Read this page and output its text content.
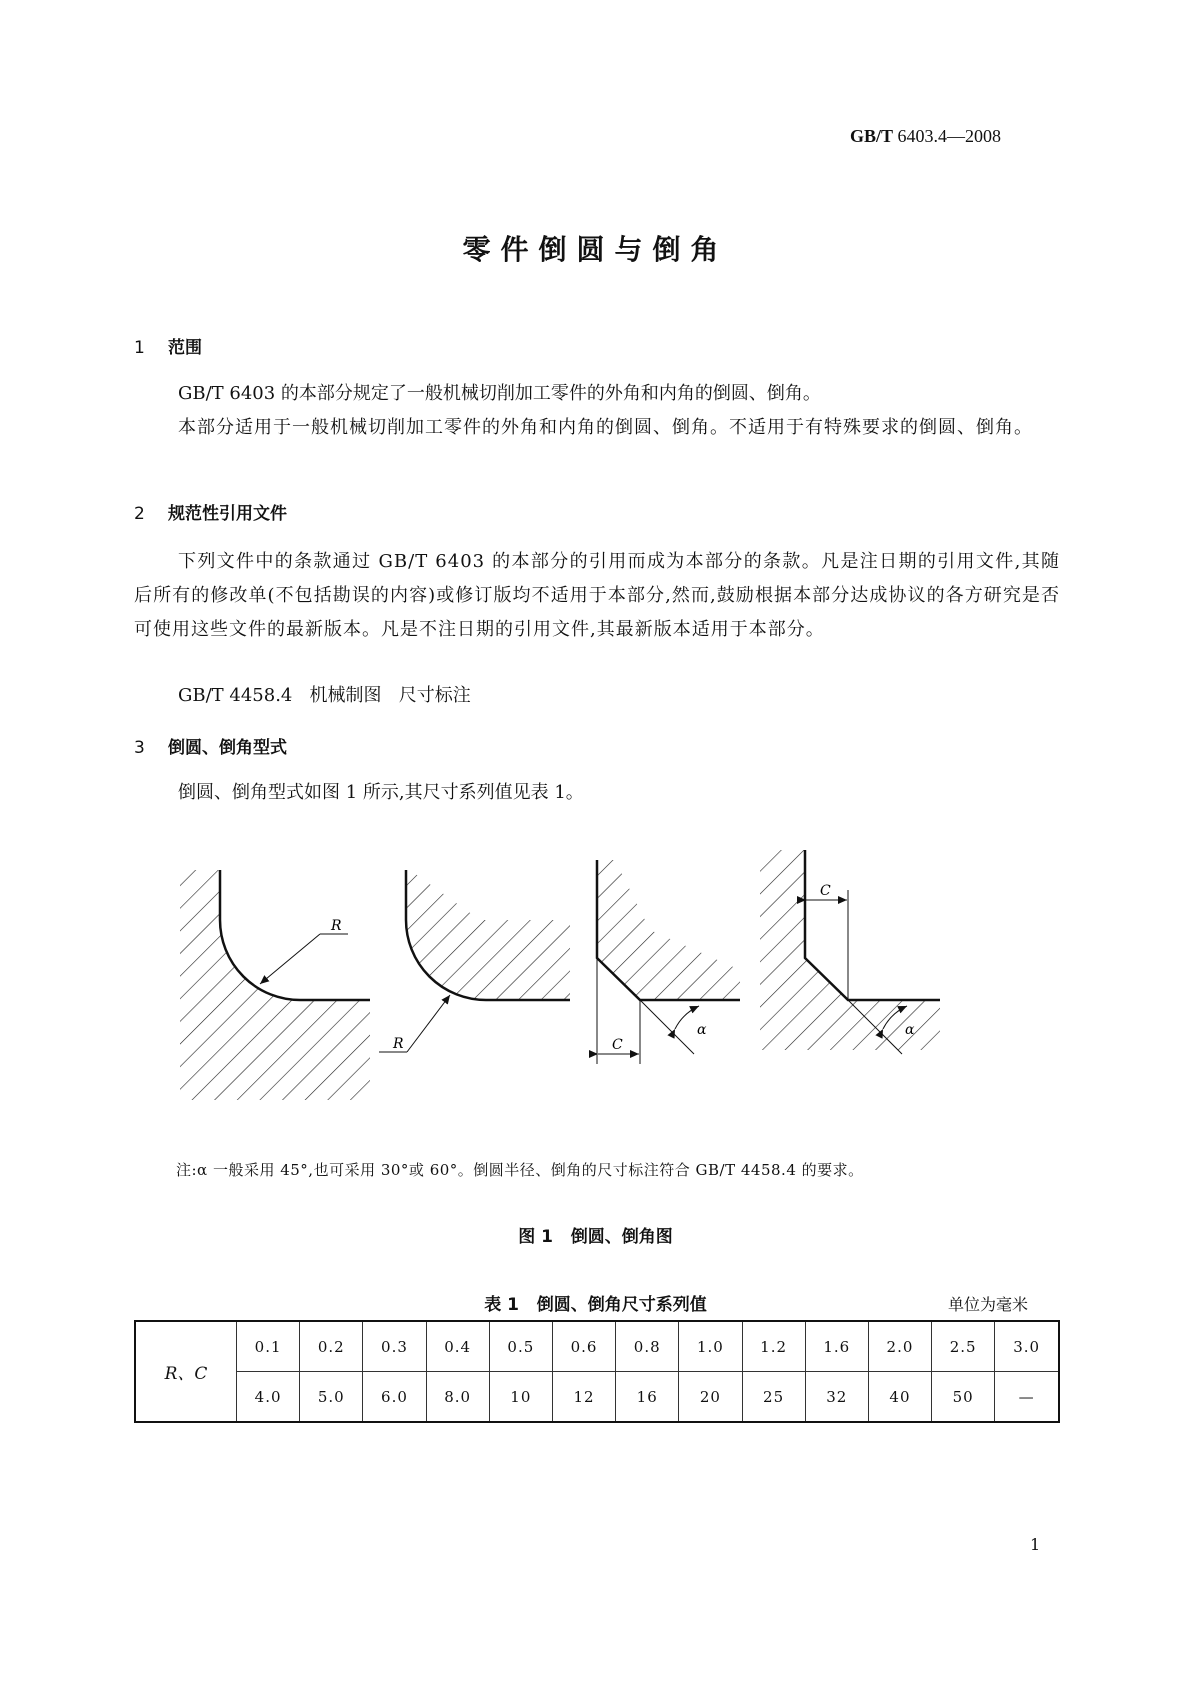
GB/T 6403.4—2008
零件倒圆与倒角
1 范围
GB/T 6403 的本部分规定了一般机械切削加工零件的外角和内角的倒圆、倒角。
本部分适用于一般机械切削加工零件的外角和内角的倒圆、倒角。不适用于有特殊要求的倒圆、倒角。
2 规范性引用文件
下列文件中的条款通过 GB/T 6403 的本部分的引用而成为本部分的条款。凡是注日期的引用文件,其随后所有的修改单(不包括勘误的内容)或修订版均不适用于本部分,然而,鼓励根据本部分达成协议的各方研究是否可使用这些文件的最新版本。凡是不注日期的引用文件,其最新版本适用于本部分。
GB/T 4458.4   机械制图   尺寸标注
3 倒圆、倒角型式
倒圆、倒角型式如图 1 所示,其尺寸系列值见表 1。
R
R
α
C
α
C
注:α 一般采用 45°,也可采用 30°或 60°。倒圆半径、倒角的尺寸标注符合 GB/T 4458.4 的要求。
图 1   倒圆、倒角图
表 1   倒圆、倒角尺寸系列值	单位为毫米
R、C	0.1	0.2	0.3	0.4	0.5	0.6	0.8	1.0	1.2	1.6	2.0	2.5	3.0
	4.0	5.0	6.0	8.0	10	12	16	20	25	32	40	50	—
1
